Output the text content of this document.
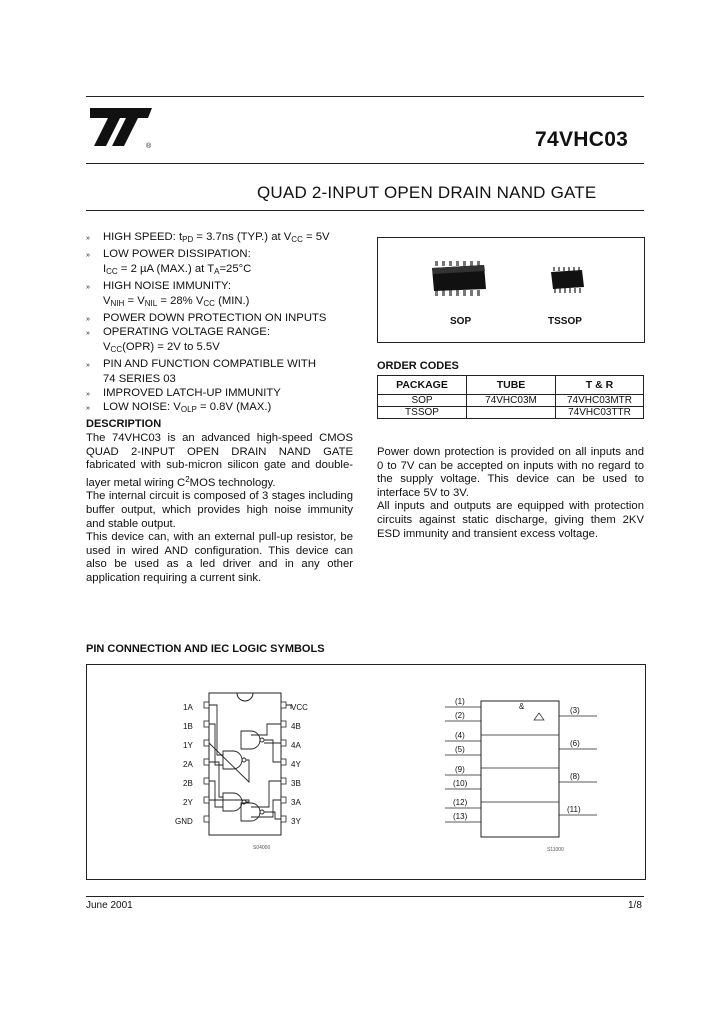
®	74VHC03
QUAD 2-INPUT OPEN DRAIN NAND GATE
» HIGH SPEED: $t_{PD} = 3.7ns$ (TYP.) at $V_{CC} = 5V$
» LOW POWER DISSIPATION:
$I_{CC} = 2$ µA (MAX.) at $T_A=25^\circ C$
» HIGH NOISE IMMUNITY:
$V_{NIH} = V_{NIL} = 28\%$ $V_{CC}$ (MIN.)
» POWER DOWN PROTECTION ON INPUTS
» OPERATING VOLTAGE RANGE:
$V_{CC}(OPR) = 2V$ to 5.5V
» PIN AND FUNCTION COMPATIBLE WITH
74 SERIES 03
» IMPROVED LATCH-UP IMMUNITY
» LOW NOISE: $V_{OLP} = 0.8V$ (MAX.)
SOP	TSSOP
ORDER CODES
PACKAGE	TUBE	T & R
SOP	74VHC03M	74VHC03MTR
TSSOP		74VHC03TTR
DESCRIPTION
The 74VHC03 is an advanced high-speed CMOS QUAD 2-INPUT OPEN DRAIN NAND GATE fabricated with sub-micron silicon gate and double-layer metal wiring $C^2MOS$ technology.
The internal circuit is composed of 3 stages including buffer output, which provides high noise immunity and stable output.
This device can, with an external pull-up resistor, be used in wired AND configuration. This device can also be used as a led driver and in any other application requiring a current sink.
Power down protection is provided on all inputs and 0 to 7V can be accepted on inputs with no regard to the supply voltage. This device can be used to interface 5V to 3V.
All inputs and outputs are equipped with protection circuits against static discharge, giving them 2KV ESD immunity and transient excess voltage.
PIN CONNECTION AND IEC LOGIC SYMBOLS
1A
1B
1Y
2A
2B
2Y
GND
VCC
4B
4A
4Y
3B
3A
3Y
S04000
&
(1)
(2)
(4)
(5)
(9)
(10)
(12)
(13)
(3)
(6)
(8)
(11)
S11000
June 2001	1/8
